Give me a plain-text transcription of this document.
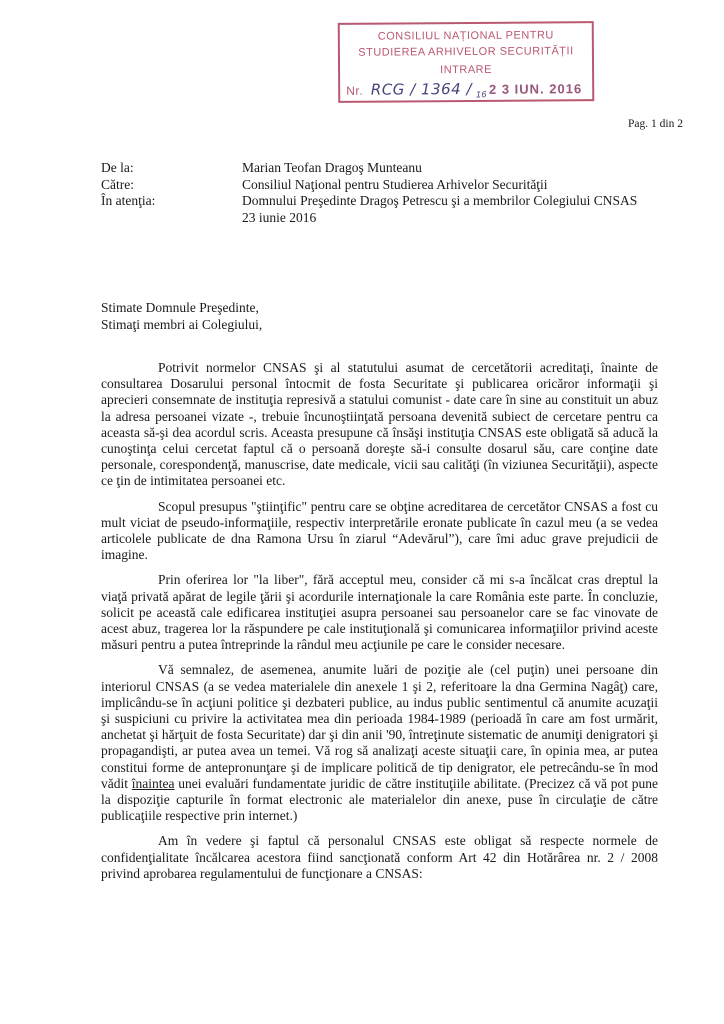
CONSILIUL NAȚIONAL PENTRU
STUDIEREA ARHIVELOR SECURITĂȚII
INTRARE
Nr. RCG / 1364 / $_{16}$ 2 3 IUN. 2016
Pag. 1 din 2
De la:	Marian Teofan Dragoş Munteanu
Către:	Consiliul Naţional pentru Studierea Arhivelor Securităţii
În atenţia:	Domnului Preşedinte Dragoş Petrescu şi a membrilor Colegiului CNSAS
23 iunie 2016
Stimate Domnule Preşedinte,
Stimaţi membri ai Colegiului,

Potrivit normelor CNSAS şi al statutului asumat de cercetătorii acreditaţi, înainte de consultarea Dosarului personal întocmit de fosta Securitate şi publicarea oricăror informaţii şi aprecieri consemnate de instituţia represivă a statului comunist - date care în sine au constituit un abuz la adresa persoanei vizate -, trebuie încunoştiinţată persoana devenită subiect de cercetare pentru ca aceasta să-şi dea acordul scris. Aceasta presupune că însăşi instituţia CNSAS este obligată să aducă la cunoştinţa celui cercetat faptul că o persoană doreşte să-i consulte dosarul său, care conţine date personale, corespondenţă, manuscrise, date medicale, vicii sau calităţi (în viziunea Securităţii), aspecte ce ţin de intimitatea persoanei etc.

Scopul presupus "ştiinţific" pentru care se obţine acreditarea de cercetător CNSAS a fost cu mult viciat de pseudo-informaţiile, respectiv interpretările eronate publicate în cazul meu (a se vedea articolele publicate de dna Ramona Ursu în ziarul “Adevărul”), care îmi aduc grave prejudicii de imagine.

Prin oferirea lor "la liber", fără acceptul meu, consider că mi s-a încălcat cras dreptul la viaţă privată apărat de legile ţării şi acordurile internaţionale la care România este parte. În concluzie, solicit pe această cale edificarea instituţiei asupra persoanei sau persoanelor care se fac vinovate de acest abuz, tragerea lor la răspundere pe cale instituţională şi comunicarea informaţiilor privind aceste măsuri pentru a putea întreprinde la rândul meu acţiunile pe care le consider necesare.

Vă semnalez, de asemenea, anumite luări de poziţie ale (cel puţin) unei persoane din interiorul CNSAS (a se vedea materialele din anexele 1 şi 2, referitoare la dna Germina Nagâţ) care, implicându-se în acţiuni politice şi dezbateri publice, au indus public sentimentul că anumite acuzaţii şi suspiciuni cu privire la activitatea mea din perioada 1984-1989 (perioadă în care am fost urmărit, anchetat şi hărţuit de fosta Securitate) dar şi din anii '90, întreţinute sistematic de anumiţi denigratori şi propagandişti, ar putea avea un temei. Vă rog să analizaţi aceste situaţii care, în opinia mea, ar putea constitui forme de antepronunţare şi de implicare politică de tip denigrator, ele petrecându-se în mod vădit înaintea unei evaluări fundamentate juridic de către instituţiile abilitate. (Precizez că vă pot pune la dispoziţie capturile în format electronic ale materialelor din anexe, puse în circulaţie de către publicaţiile respective prin internet.)

Am în vedere şi faptul că personalul CNSAS este obligat să respecte normele de confidenţialitate încălcarea acestora fiind sancţionată conform Art 42 din Hotărârea nr. 2 / 2008 privind aprobarea regulamentului de funcţionare a CNSAS:
